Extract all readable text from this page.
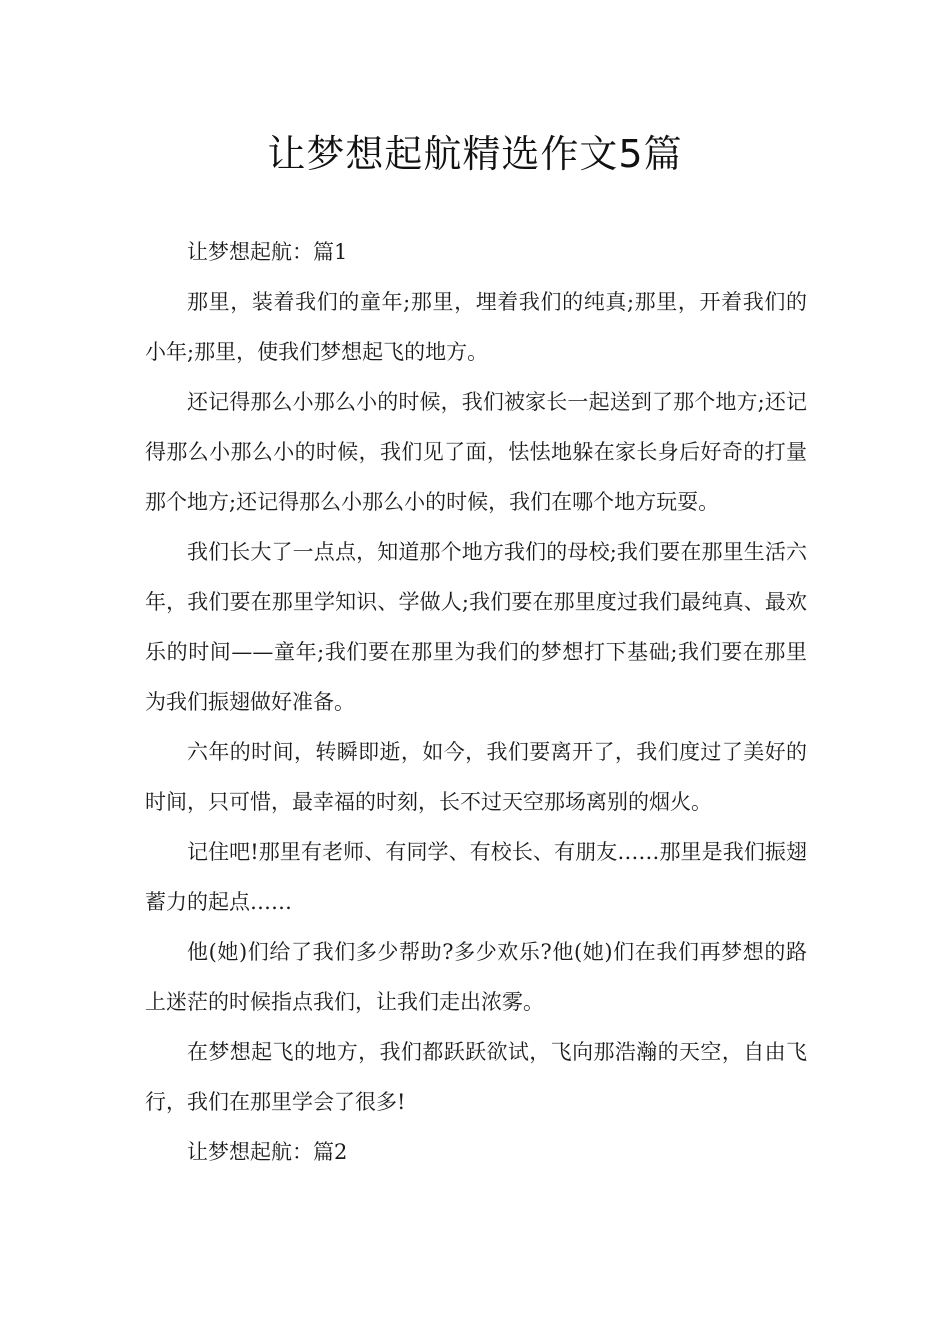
让梦想起航精选作文5篇

让梦想起航：篇1

那里，装着我们的童年;那里，埋着我们的纯真;那里，开着我们的小年;那里，使我们梦想起飞的地方。

还记得那么小那么小的时候，我们被家长一起送到了那个地方;还记得那么小那么小的时候，我们见了面，怯怯地躲在家长身后好奇的打量那个地方;还记得那么小那么小的时候，我们在哪个地方玩耍。

我们长大了一点点，知道那个地方我们的母校;我们要在那里生活六年，我们要在那里学知识、学做人;我们要在那里度过我们最纯真、最欢乐的时间——童年;我们要在那里为我们的梦想打下基础;我们要在那里为我们振翅做好准备。

六年的时间，转瞬即逝，如今，我们要离开了，我们度过了美好的时间，只可惜，最幸福的时刻，长不过天空那场离别的烟火。

记住吧!那里有老师、有同学、有校长、有朋友……那里是我们振翅蓄力的起点……

他(她)们给了我们多少帮助?多少欢乐?他(她)们在我们再梦想的路上迷茫的时候指点我们，让我们走出浓雾。

在梦想起飞的地方，我们都跃跃欲试，飞向那浩瀚的天空，自由飞行，我们在那里学会了很多!

让梦想起航：篇2
